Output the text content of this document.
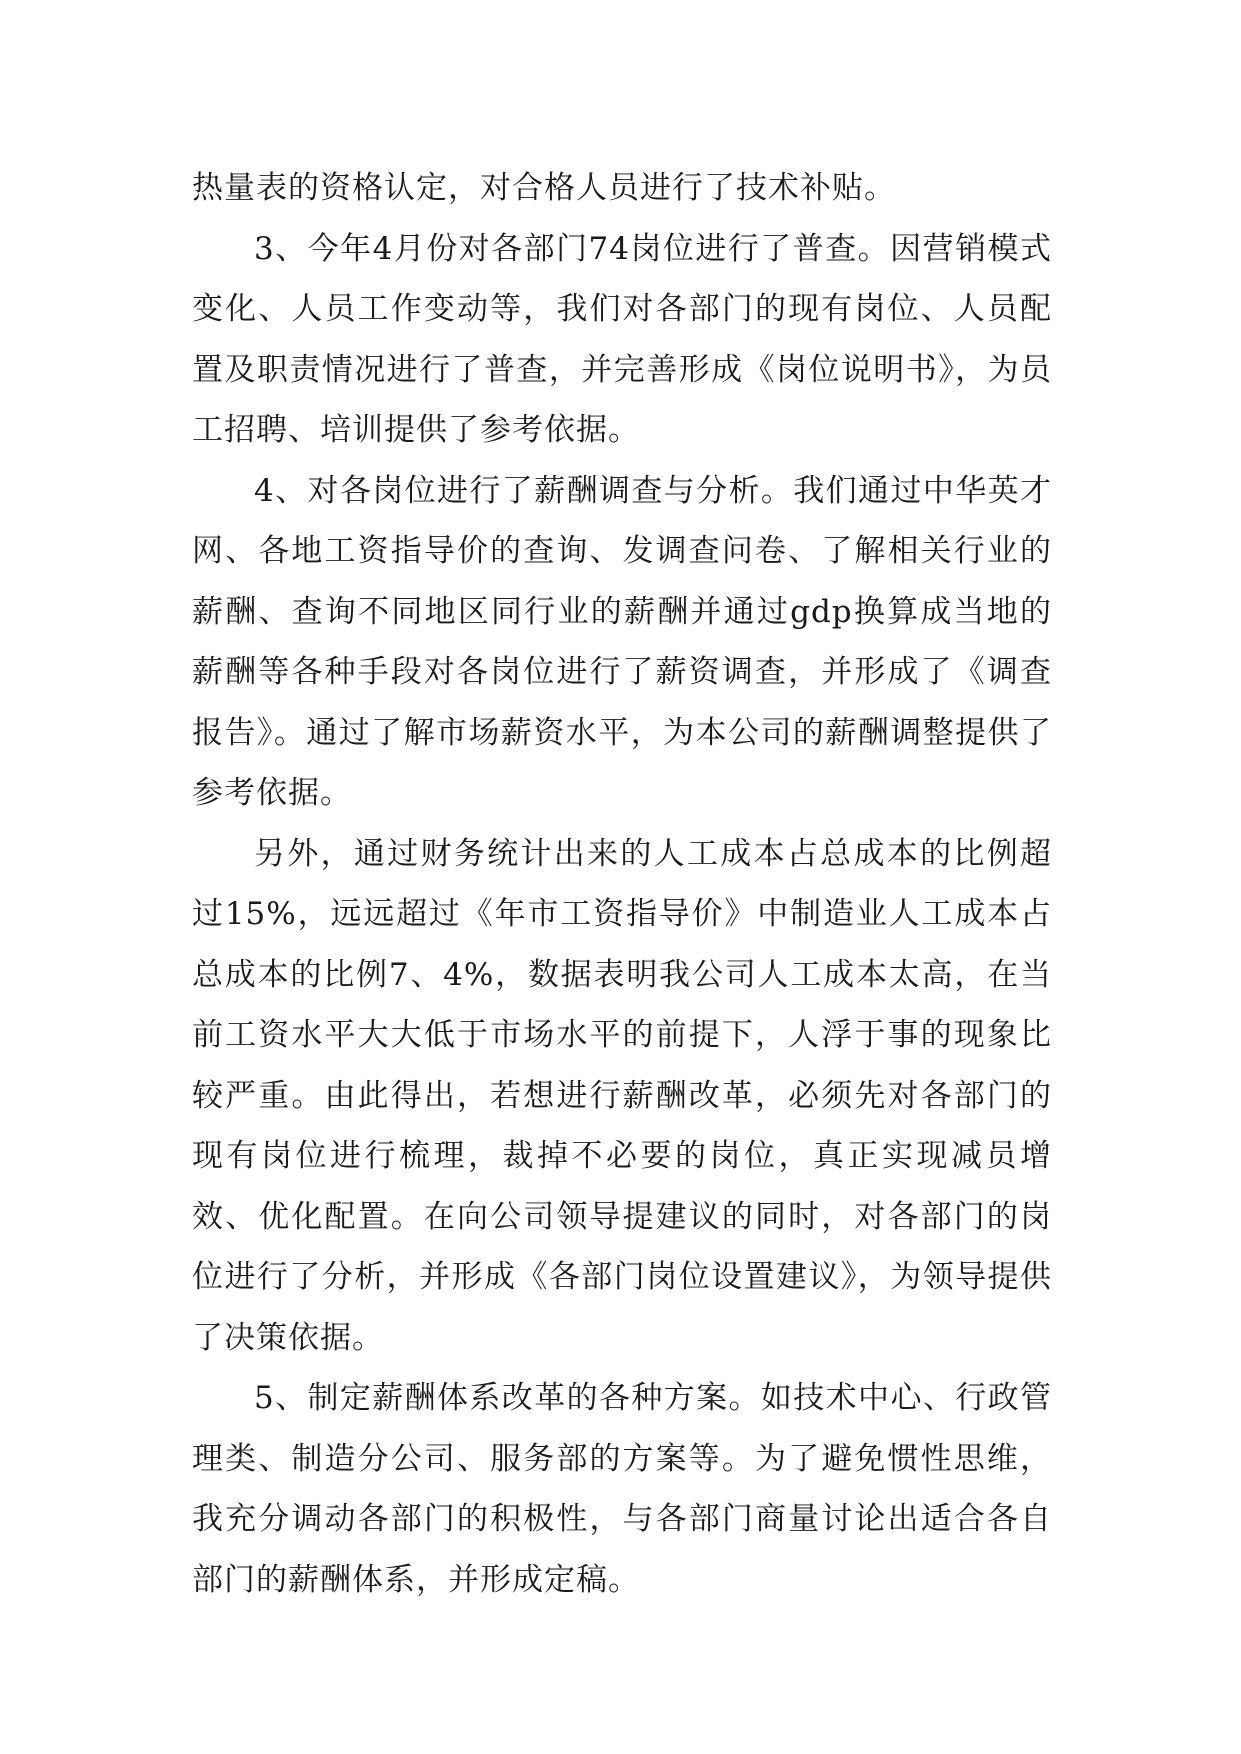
热量表的资格认定，对合格人员进行了技术补贴。

3、今年4月份对各部门74岗位进行了普查。因营销模式变化、人员工作变动等，我们对各部门的现有岗位、人员配置及职责情况进行了普查，并完善形成《岗位说明书》，为员工招聘、培训提供了参考依据。

4、对各岗位进行了薪酬调查与分析。我们通过中华英才网、各地工资指导价的查询、发调查问卷、了解相关行业的薪酬、查询不同地区同行业的薪酬并通过gdp换算成当地的薪酬等各种手段对各岗位进行了薪资调查，并形成了《调查报告》。通过了解市场薪资水平，为本公司的薪酬调整提供了参考依据。

另外，通过财务统计出来的人工成本占总成本的比例超过15%，远远超过《年市工资指导价》中制造业人工成本占总成本的比例7、4%，数据表明我公司人工成本太高，在当前工资水平大大低于市场水平的前提下，人浮于事的现象比较严重。由此得出，若想进行薪酬改革，必须先对各部门的现有岗位进行梳理，裁掉不必要的岗位，真正实现减员增效、优化配置。在向公司领导提建议的同时，对各部门的岗位进行了分析，并形成《各部门岗位设置建议》，为领导提供了决策依据。

5、制定薪酬体系改革的各种方案。如技术中心、行政管理类、制造分公司、服务部的方案等。为了避免惯性思维，我充分调动各部门的积极性，与各部门商量讨论出适合各自部门的薪酬体系，并形成定稿。
